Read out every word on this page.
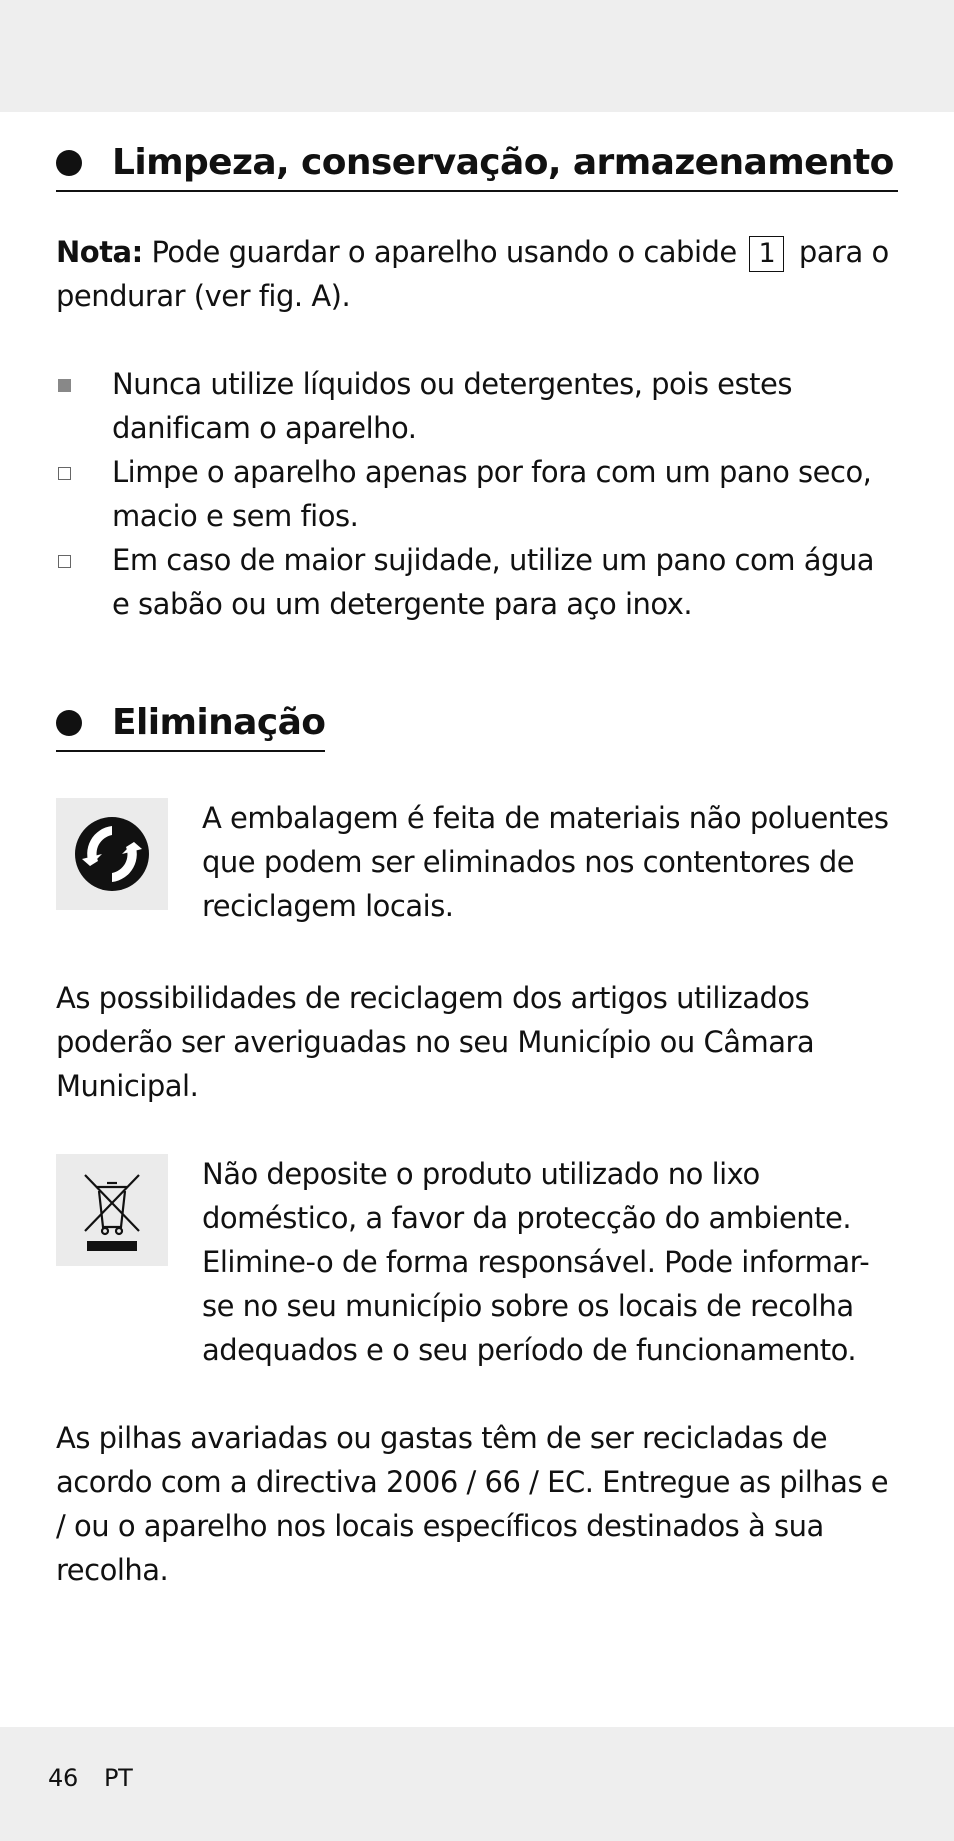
Limpeza, conservação, armazenamento

Nota: Pode guardar o aparelho usando o cabide 1 para o pendurar (ver fig. A).

Nunca utilize líquidos ou detergentes, pois estes danificam o aparelho.
Limpe o aparelho apenas por fora com um pano seco, macio e sem fios.
Em caso de maior sujidade, utilize um pano com água e sabão ou um detergente para aço inox.
Eliminação

A embalagem é feita de materiais não poluentes que podem ser eliminados nos contentores de reciclagem locais.

As possibilidades de reciclagem dos artigos utilizados poderão ser averiguadas no seu Município ou Câmara Municipal.

Não deposite o produto utilizado no lixo doméstico, a favor da protecção do ambiente. Elimine-o de forma responsável. Pode informar-se no seu município sobre os locais de recolha adequados e o seu período de funcionamento.

As pilhas avariadas ou gastas têm de ser recicladas de acordo com a directiva 2006 / 66 / EC. Entregue as pilhas e / ou o aparelho nos locais específicos destinados à sua recolha.

46 PT
